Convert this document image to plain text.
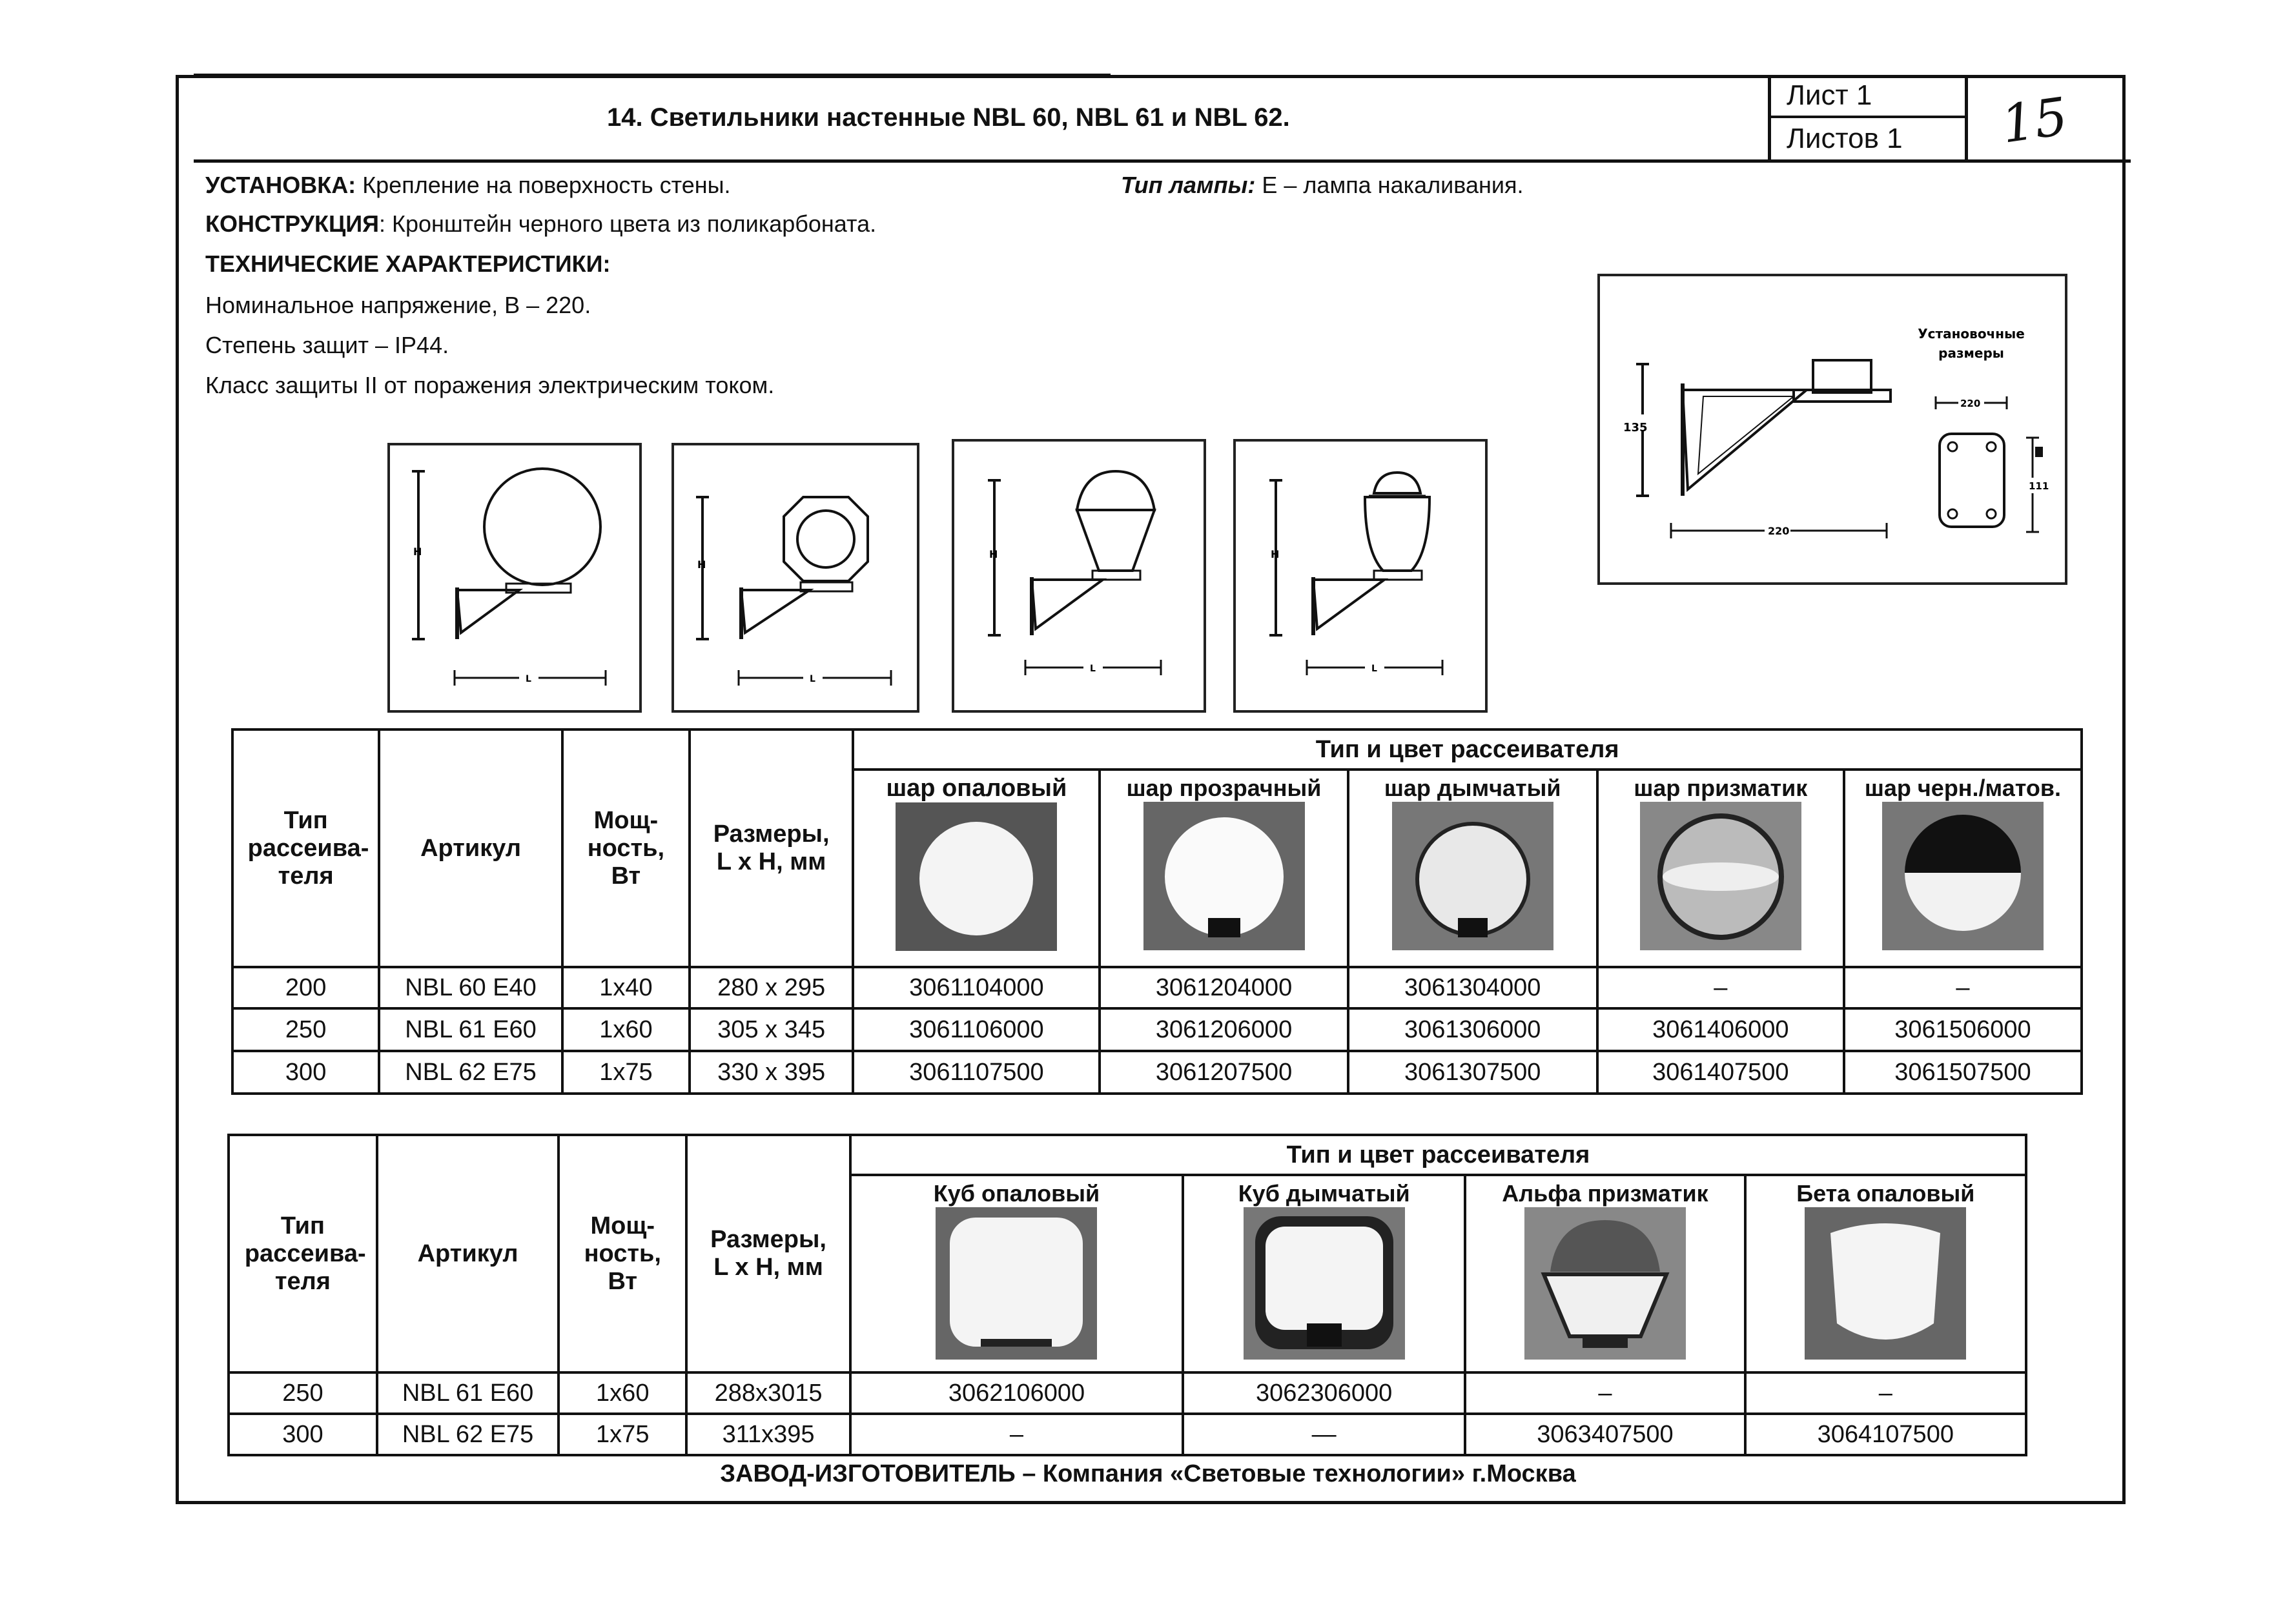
14. Светильники настенные NBL 60, NBL 61 и NBL 62.
Лист 1
Листов 1	15
УСТАНОВКА: Крепление на поверхность стены.	Тип лампы: Е – лампа накаливания.
КОНСТРУКЦИЯ: Кронштейн черного цвета из поликарбоната.
ТЕХНИЧЕСКИЕ ХАРАКТЕРИСТИКИ:
Номинальное напряжение, В – 220.
Степень защит – IP44.
Класс защиты II от поражения электрическим током.
H
L
H
L
H
L
H
L
Установочные
размеры
135
220
220
111
Тип рассеива-теля	Артикул	Мощ-ность, Вт	Размеры, L x H, мм	Тип и цвет рассеивателя				

				шар опаловый	шар прозрачный	шар дымчатый	шар призматик	шар черн./матов.

200	NBL 60 E40	1x40	280 x 295	3061104000	3061204000	3061304000	–	–
250	NBL 61 E60	1x60	305 x 345	3061106000	3061206000	3061306000	3061406000	3061506000
300	NBL 62 E75	1x75	330 x 395	3061107500	3061207500	3061307500	3061407500	3061507500
Тип рассеива-теля	Артикул	Мощ-ность, Вт	Размеры, L x H, мм	Тип и цвет рассеивателя			

				Куб опаловый	Куб дымчатый	Альфа призматик	Бета опаловый

250	NBL 61 E60	1x60	288x3015	3062106000	3062306000	–	–
300	NBL 62 E75	1x75	311x395	–	—	3063407500	3064107500
ЗАВОД-ИЗГОТОВИТЕЛЬ – Компания «Световые технологии» г.Москва
